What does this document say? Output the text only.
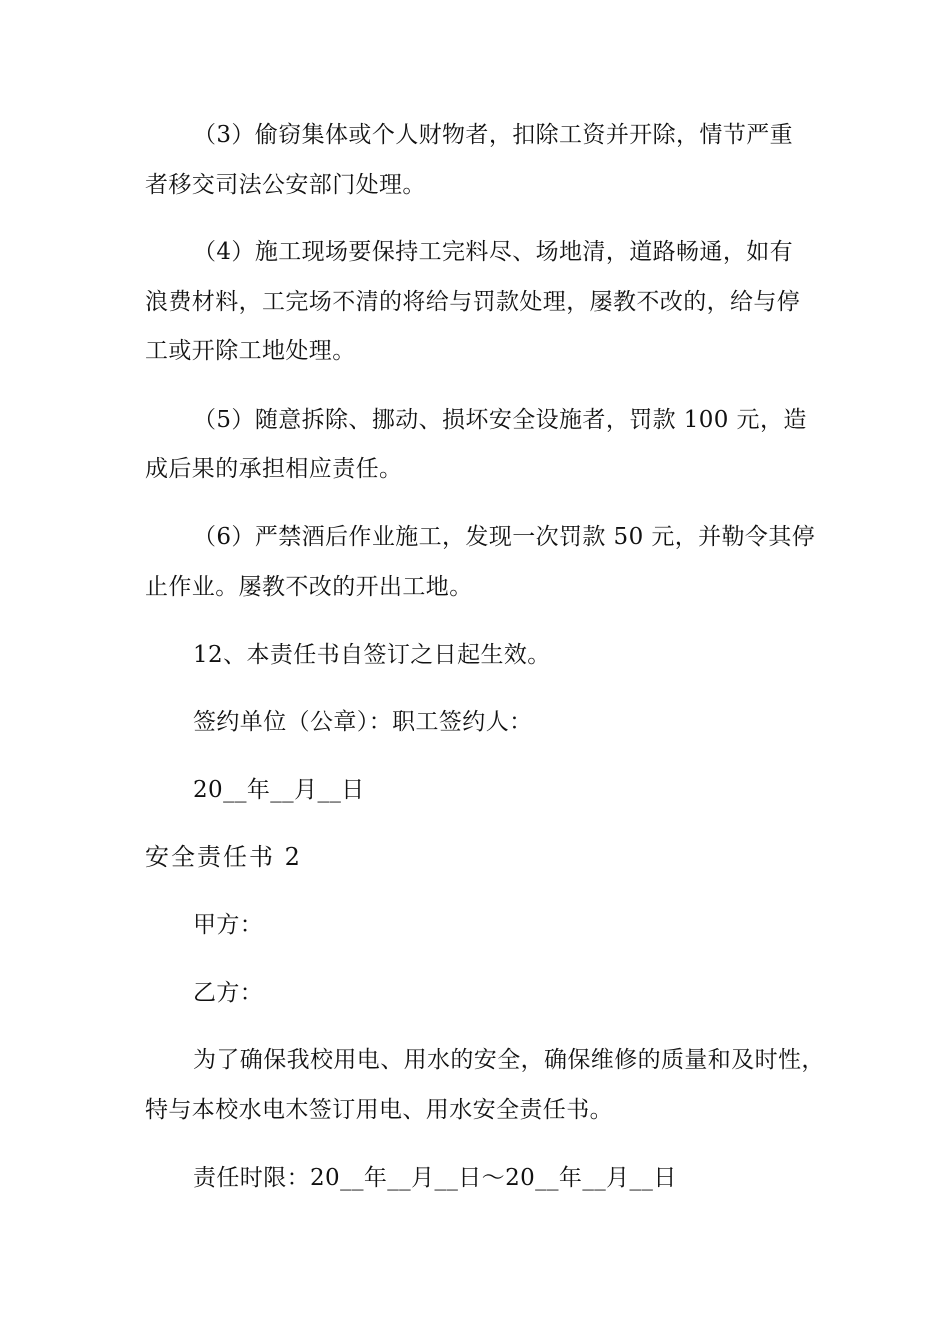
（3）偷窃集体或个人财物者，扣除工资并开除，情节严重
者移交司法公安部门处理。
（4）施工现场要保持工完料尽、场地清，道路畅通，如有
浪费材料，工完场不清的将给与罚款处理，屡教不改的，给与停
工或开除工地处理。
（5）随意拆除、挪动、损坏安全设施者，罚款 100 元，造
成后果的承担相应责任。
（6）严禁酒后作业施工，发现一次罚款 50 元，并勒令其停
止作业。屡教不改的开出工地。
12、本责任书自签订之日起生效。
签约单位（公章）：职工签约人：
20__年__月__日
安全责任书 2
甲方：
乙方：
为了确保我校用电、用水的安全，确保维修的质量和及时性，
特与本校水电木签订用电、用水安全责任书。
责任时限：20__年__月__日～20__年__月__日
